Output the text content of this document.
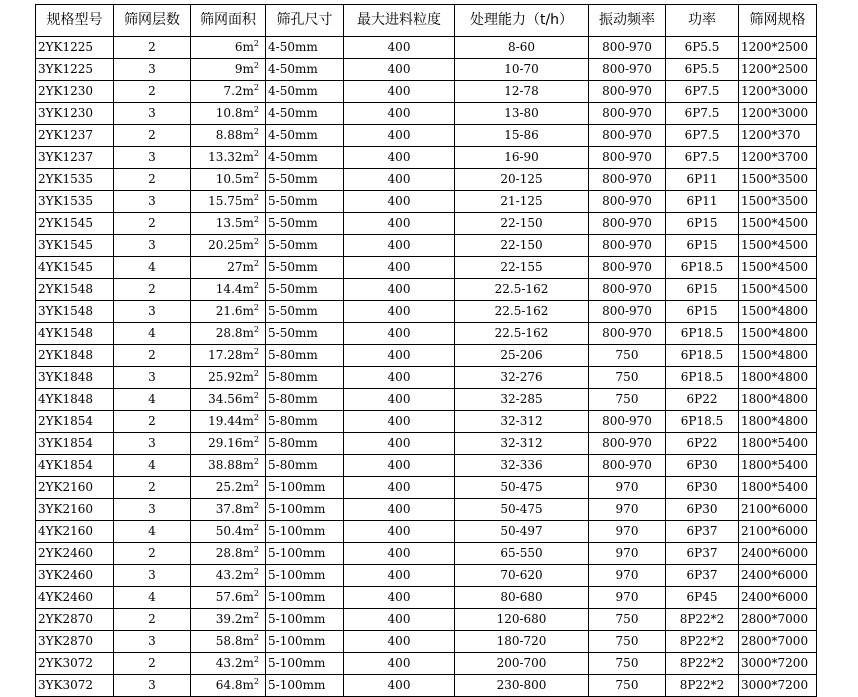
规格型号	筛网层数	筛网面积	筛孔尺寸	最大进料粒度	处理能力（t/h）	振动频率	功率	筛网规格
2YK1225	2	$6m^2$	4-50mm	400	8-60	800-970	6P5.5	1200*2500
3YK1225	3	$9m^2$	4-50mm	400	10-70	800-970	6P5.5	1200*2500
2YK1230	2	$7.2m^2$	4-50mm	400	12-78	800-970	6P7.5	1200*3000
3YK1230	3	$10.8m^2$	4-50mm	400	13-80	800-970	6P7.5	1200*3000
2YK1237	2	$8.88m^2$	4-50mm	400	15-86	800-970	6P7.5	1200*370
3YK1237	3	$13.32m^2$	4-50mm	400	16-90	800-970	6P7.5	1200*3700
2YK1535	2	$10.5m^2$	5-50mm	400	20-125	800-970	6P11	1500*3500
3YK1535	3	$15.75m^2$	5-50mm	400	21-125	800-970	6P11	1500*3500
2YK1545	2	$13.5m^2$	5-50mm	400	22-150	800-970	6P15	1500*4500
3YK1545	3	$20.25m^2$	5-50mm	400	22-150	800-970	6P15	1500*4500
4YK1545	4	$27m^2$	5-50mm	400	22-155	800-970	6P18.5	1500*4500
2YK1548	2	$14.4m^2$	5-50mm	400	22.5-162	800-970	6P15	1500*4500
3YK1548	3	$21.6m^2$	5-50mm	400	22.5-162	800-970	6P15	1500*4800
4YK1548	4	$28.8m^2$	5-50mm	400	22.5-162	800-970	6P18.5	1500*4800
2YK1848	2	$17.28m^2$	5-80mm	400	25-206	750	6P18.5	1500*4800
3YK1848	3	$25.92m^2$	5-80mm	400	32-276	750	6P18.5	1800*4800
4YK1848	4	$34.56m^2$	5-80mm	400	32-285	750	6P22	1800*4800
2YK1854	2	$19.44m^2$	5-80mm	400	32-312	800-970	6P18.5	1800*4800
3YK1854	3	$29.16m^2$	5-80mm	400	32-312	800-970	6P22	1800*5400
4YK1854	4	$38.88m^2$	5-80mm	400	32-336	800-970	6P30	1800*5400
2YK2160	2	$25.2m^2$	5-100mm	400	50-475	970	6P30	1800*5400
3YK2160	3	$37.8m^2$	5-100mm	400	50-475	970	6P30	2100*6000
4YK2160	4	$50.4m^2$	5-100mm	400	50-497	970	6P37	2100*6000
2YK2460	2	$28.8m^2$	5-100mm	400	65-550	970	6P37	2400*6000
3YK2460	3	$43.2m^2$	5-100mm	400	70-620	970	6P37	2400*6000
4YK2460	4	$57.6m^2$	5-100mm	400	80-680	970	6P45	2400*6000
2YK2870	2	$39.2m^2$	5-100mm	400	120-680	750	8P22*2	2800*7000
3YK2870	3	$58.8m^2$	5-100mm	400	180-720	750	8P22*2	2800*7000
2YK3072	2	$43.2m^2$	5-100mm	400	200-700	750	8P22*2	3000*7200
3YK3072	3	$64.8m^2$	5-100mm	400	230-800	750	8P22*2	3000*7200
